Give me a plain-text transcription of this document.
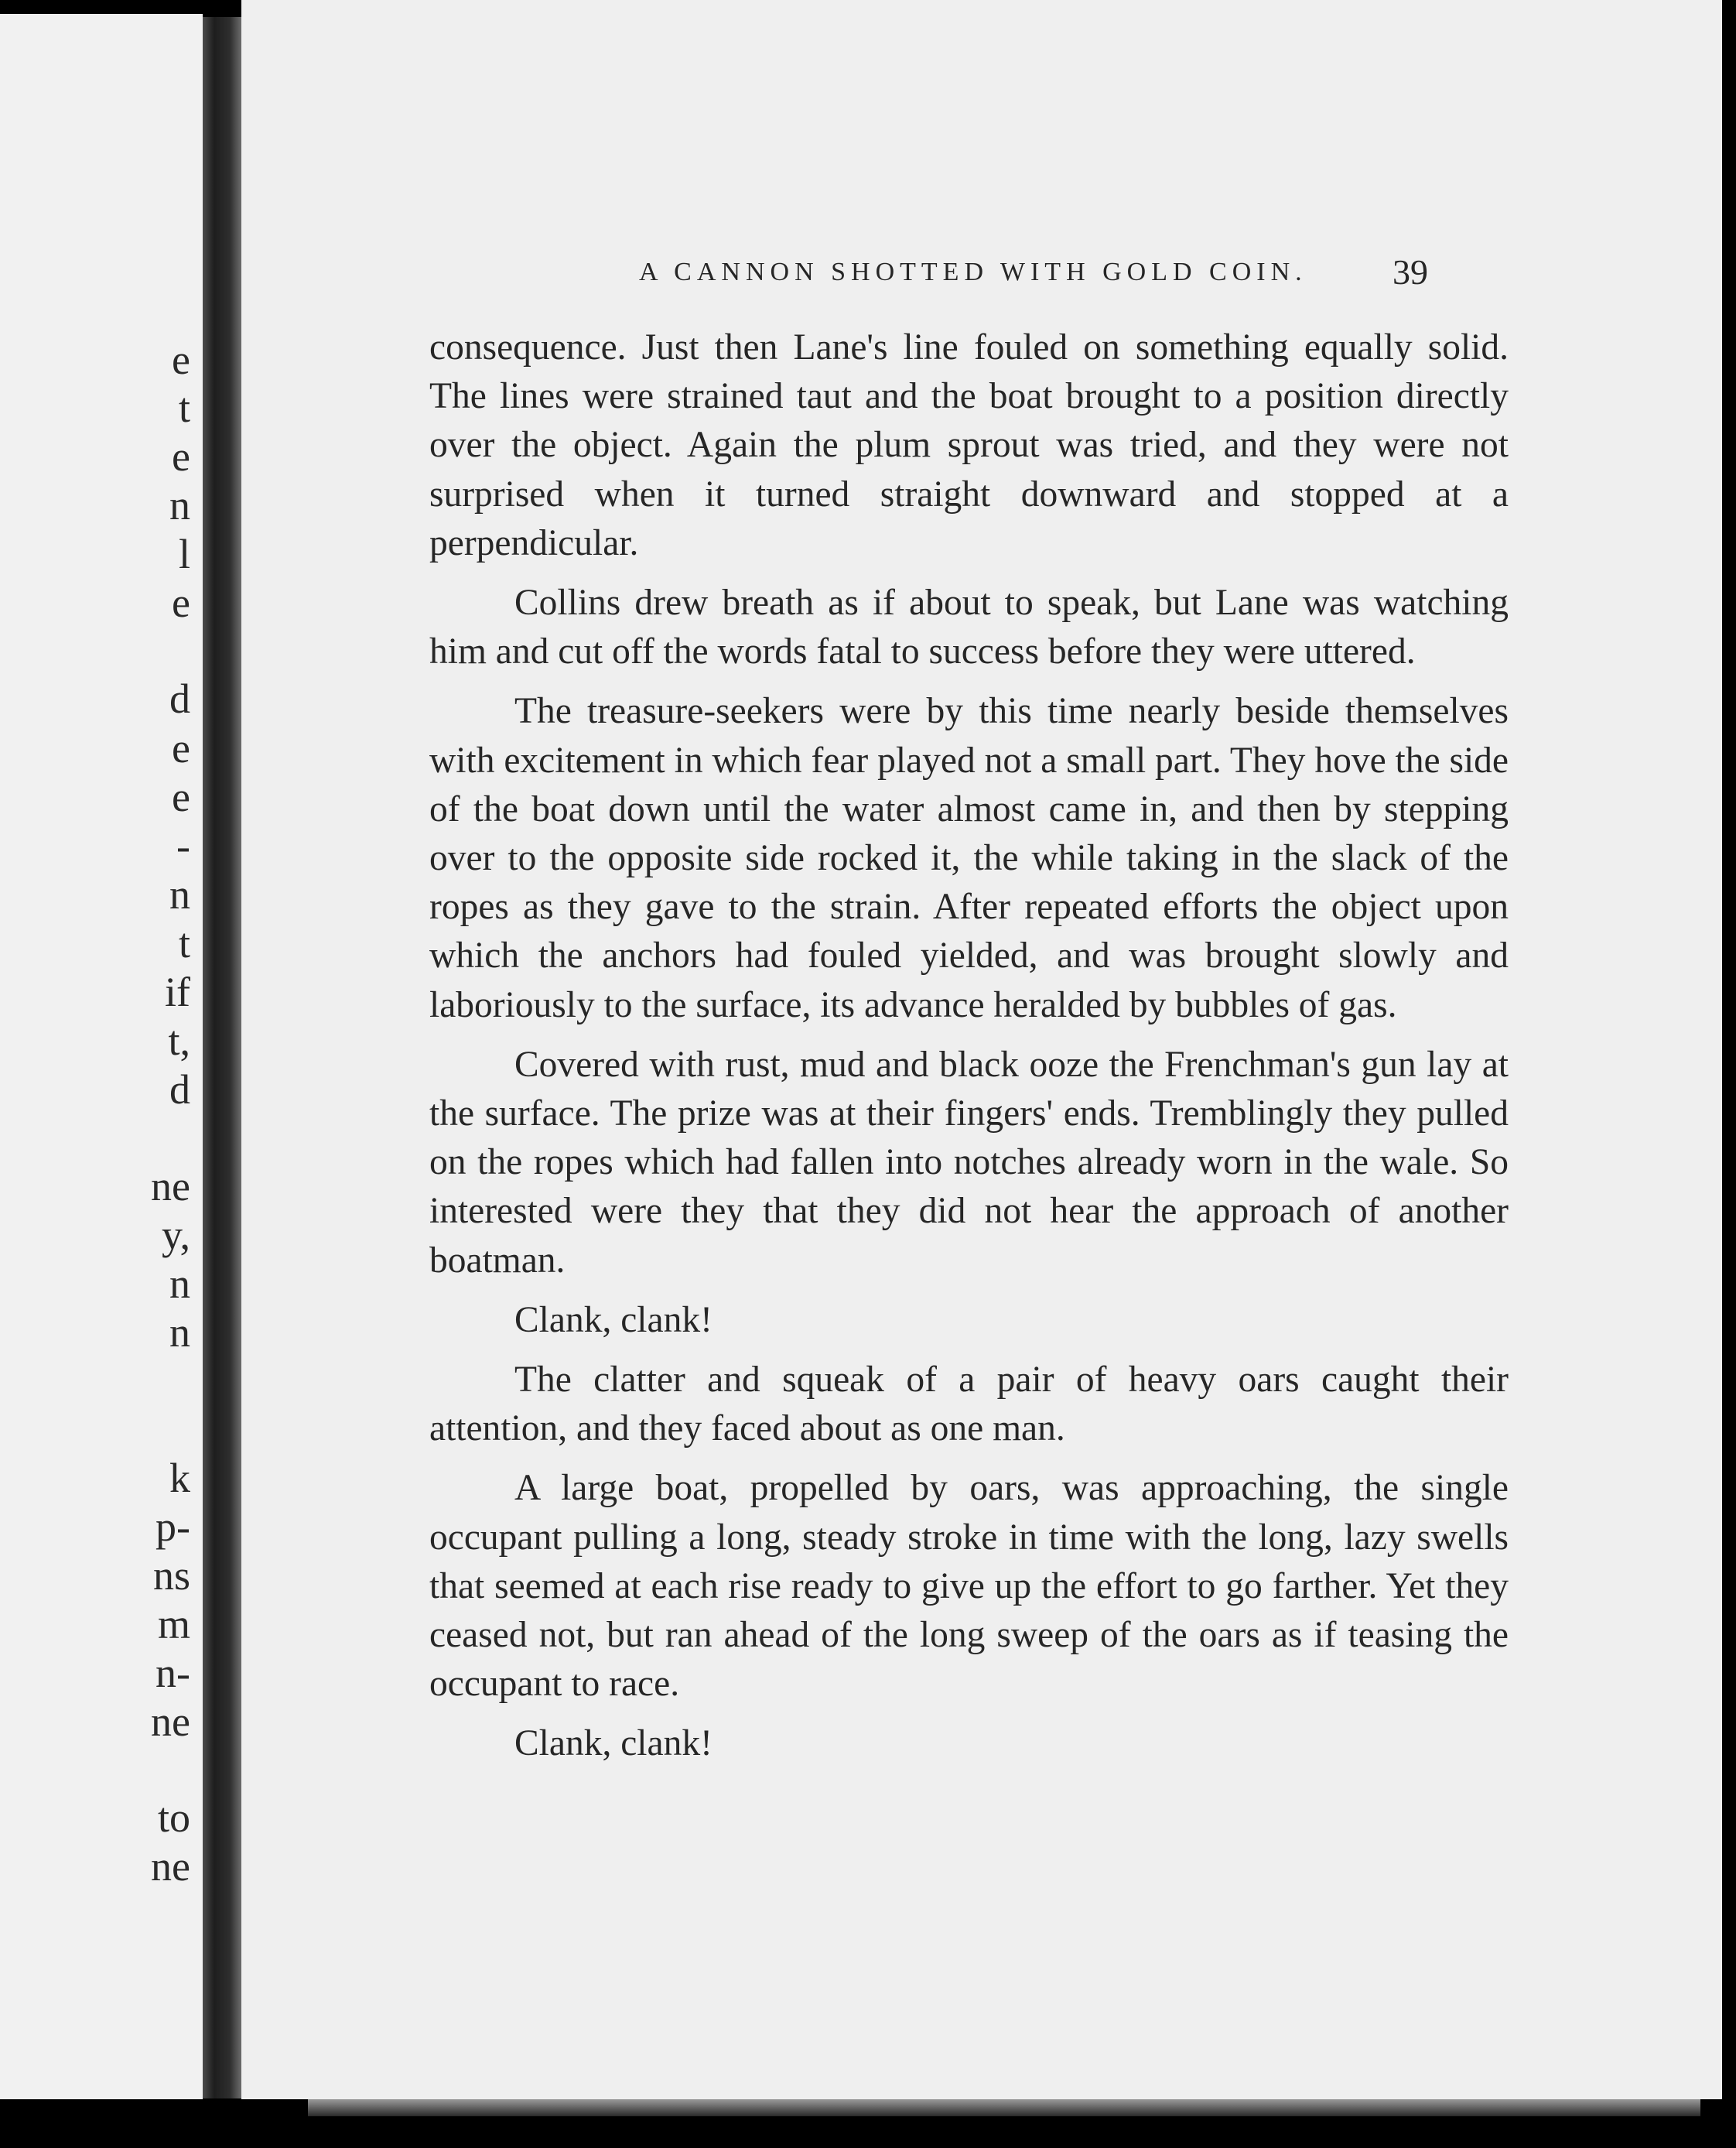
e
t
e
n
l
e
d
e
e
-
n
t
if
t,
d
ne
y,
n
n
k
p-
ns
m
n-
ne
to
ne
A CANNON SHOTTED WITH GOLD COIN. 39

consequence. Just then Lane's line fouled on something equally solid. The lines were strained taut and the boat brought to a position directly over the object. Again the plum sprout was tried, and they were not surprised when it turned straight downward and stopped at a perpendicular.

Collins drew breath as if about to speak, but Lane was watching him and cut off the words fatal to success before they were uttered.

The treasure-seekers were by this time nearly beside themselves with excitement in which fear played not a small part. They hove the side of the boat down until the water almost came in, and then by stepping over to the opposite side rocked it, the while taking in the slack of the ropes as they gave to the strain. After repeated efforts the object upon which the anchors had fouled yielded, and was brought slowly and laboriously to the surface, its advance heralded by bubbles of gas.

Covered with rust, mud and black ooze the Frenchman's gun lay at the surface. The prize was at their fingers' ends. Tremblingly they pulled on the ropes which had fallen into notches already worn in the wale. So interested were they that they did not hear the approach of another boatman.

Clank, clank!

The clatter and squeak of a pair of heavy oars caught their attention, and they faced about as one man.

A large boat, propelled by oars, was approaching, the single occupant pulling a long, steady stroke in time with the long, lazy swells that seemed at each rise ready to give up the effort to go farther. Yet they ceased not, but ran ahead of the long sweep of the oars as if teasing the occupant to race.

Clank, clank!
